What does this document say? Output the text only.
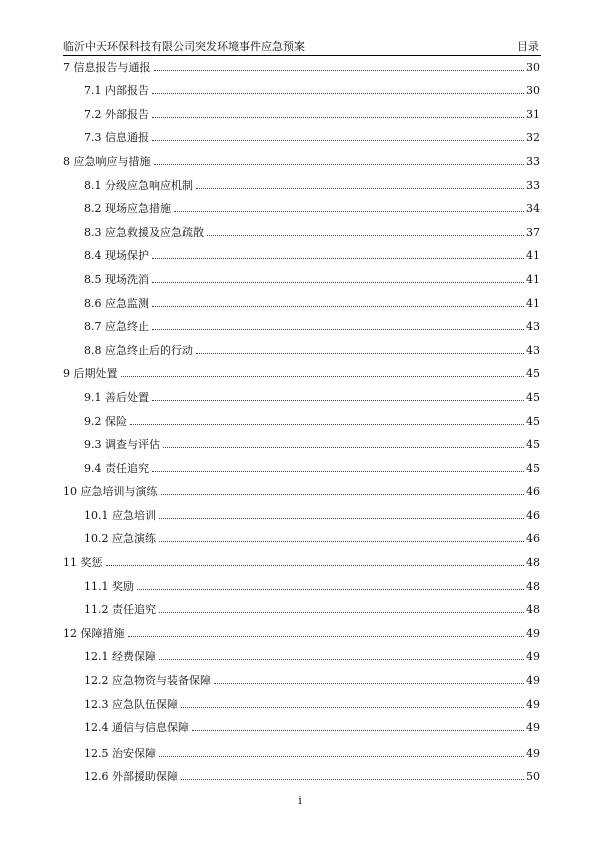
临沂中天环保科技有限公司突发环境事件应急预案	目录
7 信息报告与通报	30
7.1 内部报告	30
7.2 外部报告	31
7.3 信息通报	32
8 应急响应与措施	33
8.1 分级应急响应机制	33
8.2 现场应急措施	34
8.3 应急救援及应急疏散	37
8.4 现场保护	41
8.5 现场洗消	41
8.6 应急监测	41
8.7 应急终止	43
8.8 应急终止后的行动	43
9 后期处置	45
9.1 善后处置	45
9.2 保险	45
9.3 调查与评估	45
9.4 责任追究	45
10 应急培训与演练	46
10.1 应急培训	46
10.2 应急演练	46
11 奖惩	48
11.1 奖励	48
11.2 责任追究	48
12 保障措施	49
12.1 经费保障	49
12.2 应急物资与装备保障	49
12.3 应急队伍保障	49
12.4 通信与信息保障	49
12.5 治安保障	49
12.6 外部援助保障	50
i
